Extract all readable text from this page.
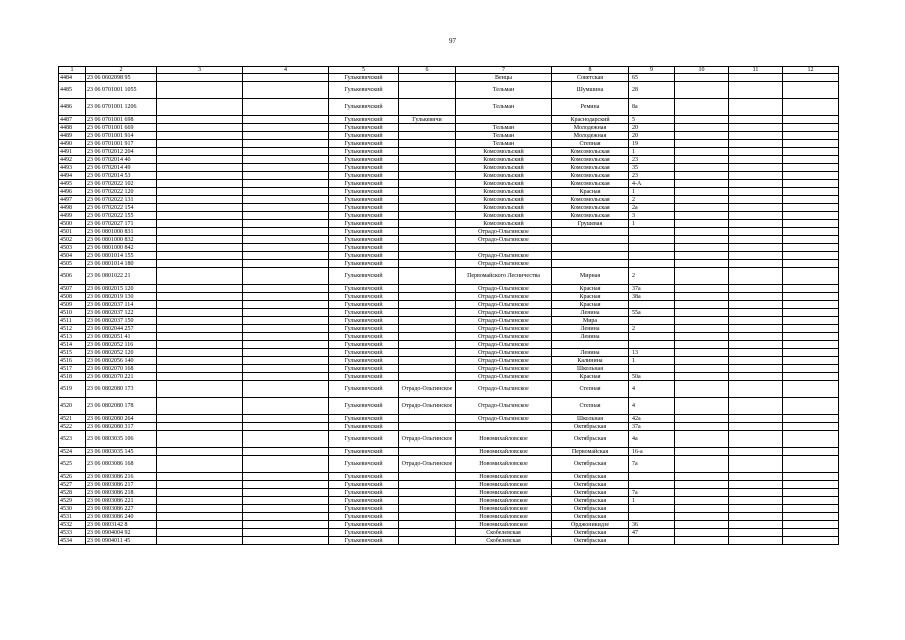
97
1	2	3	4	5	6	7	8	9	10	11	12
4484	23 06 0602098 95			Гулькевичский		Венцы	Советская	65			
4485	23 06 0701001 1055			Гулькевичский		Тельман	Шумшина	28			
4486	23 06 0701001 1206			Гулькевичский		Тельман	Ремина	8а			
4487	23 06 0701001 698			Гулькевичский	Гулькевичи		Краснодарский	5			
4488	23 06 0701001 669			Гулькевичский		Тельман	Молодежная	20			
4489	23 06 0701001 914			Гулькевичский		Тельман	Молодежная	20			
4490	23 06 0701001 917			Гулькевичский		Тельман	Степная	19			
4491	23 06 0702012 204			Гулькевичский		Комсомольский	Комсомольская	1			
4492	23 06 0702014 40			Гулькевичский		Комсомольский	Комсомольская	23			
4493	23 06 0702014 49			Гулькевичский		Комсомольский	Комсомольская	35			
4494	23 06 0702014 53			Гулькевичский		Комсомольский	Комсомольская	23			
4495	23 06 0702022 102			Гулькевичский		Комсомольский	Комсомольская	4-А			
4496	23 06 0702022 120			Гулькевичский		Комсомольский	Красная	1			
4497	23 06 0702022 131			Гулькевичский		Комсомольский	Комсомольская	2			
4498	23 06 0702022 154			Гулькевичский		Комсомольский	Комсомольская	2а			
4499	23 06 0702022 155			Гулькевичский		Комсомольский	Комсомольская	3			
4500	23 06 0702027 171			Гулькевичский		Комсомольский	Грушевая	1			
4501	23 06 0801000 831			Гулькевичский		Отрадо-Ольгинское					
4502	23 06 0801000 832			Гулькевичский		Отрадо-Ольгинское					
4503	23 06 0801000 842			Гулькевичский							
4504	23 06 0801014 155			Гулькевичский		Отрадо-Ольгинское					
4505	23 06 0801014 180			Гулькевичский		Отрадо-Ольгинское					
4506	23 06 0801022 21			Гулькевичский		Первомайского Лесничества	Мирная	2			
4507	23 06 0802015 120			Гулькевичский		Отрадо-Ольгинское	Красная	37а			
4508	23 06 0802019 130			Гулькевичский		Отрадо-Ольгинское	Красная	38а			
4509	23 06 0802037 114			Гулькевичский		Отрадо-Ольгинское	Красная				
4510	23 06 0802037 122			Гулькевичский		Отрадо-Ольгинское	Ленина	55а			
4511	23 06 0802037 150			Гулькевичский		Отрадо-Ольгинское	Мира				
4512	23 06 0802044 257			Гулькевичский		Отрадо-Ольгинское	Ленина	2			
4513	23 06 0802051 41			Гулькевичский		Отрадо-Ольгинское	Ленина				
4514	23 06 0802052 116			Гулькевичский		Отрадо-Ольгинское					
4515	23 06 0802052 120			Гулькевичский		Отрадо-Ольгинское	Ленина	13			
4516	23 06 0802056 140			Гулькевичский		Отрадо-Ольгинское	Калинина	1			
4517	23 06 0802070 168			Гулькевичский		Отрадо-Ольгинское	Школьная				
4518	23 06 0802070 221			Гулькевичский		Отрадо-Ольгинское	Красная	50а			
4519	23 06 0802080 173			Гулькевичский	Отрадо-Ольгинское	Отрадо-Ольгинское	Степная	4			
4520	23 06 0802080 178			Гулькевичский	Отрадо-Ольгинское	Отрадо-Ольгинское	Степная	4			
4521	23 06 0802080 264			Гулькевичский		Отрадо-Ольгинское	Школьная	42а			
4522	23 06 0802080 317			Гулькевичский			Октябрьская	37а			
4523	23 06 0803035 106			Гулькевичский	Отрадо-Ольгинское	Новомихайловское	Октябрьская	4а			
4524	23 06 0803035 145			Гулькевичский		Новомихайловское	Первомайская	16-а			
4525	23 06 0803086 168			Гулькевичский	Отрадо-Ольгинское	Новомихайловское	Октябрьская	7а			
4526	23 06 0803086 216			Гулькевичский		Новомихайловское	Октябрьская				
4527	23 06 0803086 217			Гулькевичский		Новомихайловское	Октябрьская				
4528	23 06 0803086 218			Гулькевичский		Новомихайловское	Октябрьская	7а			
4529	23 06 0803086 221			Гулькевичский		Новомихайловское	Октябрьская	1			
4530	23 06 0803086 227			Гулькевичский		Новомихайловское	Октябрьская				
4531	23 06 0803086 240			Гулькевичский		Новомихайловское	Октябрьская				
4532	23 06 0803142 8			Гулькевичский		Новомихайловское	Орджоникидзе	36			
4533	23 06 0904004 92			Гулькевичский		Скобелевская	Октябрьская	47			
4534	23 06 0904011 45			Гулькевичский		Скобелевская	Октябрьская				
